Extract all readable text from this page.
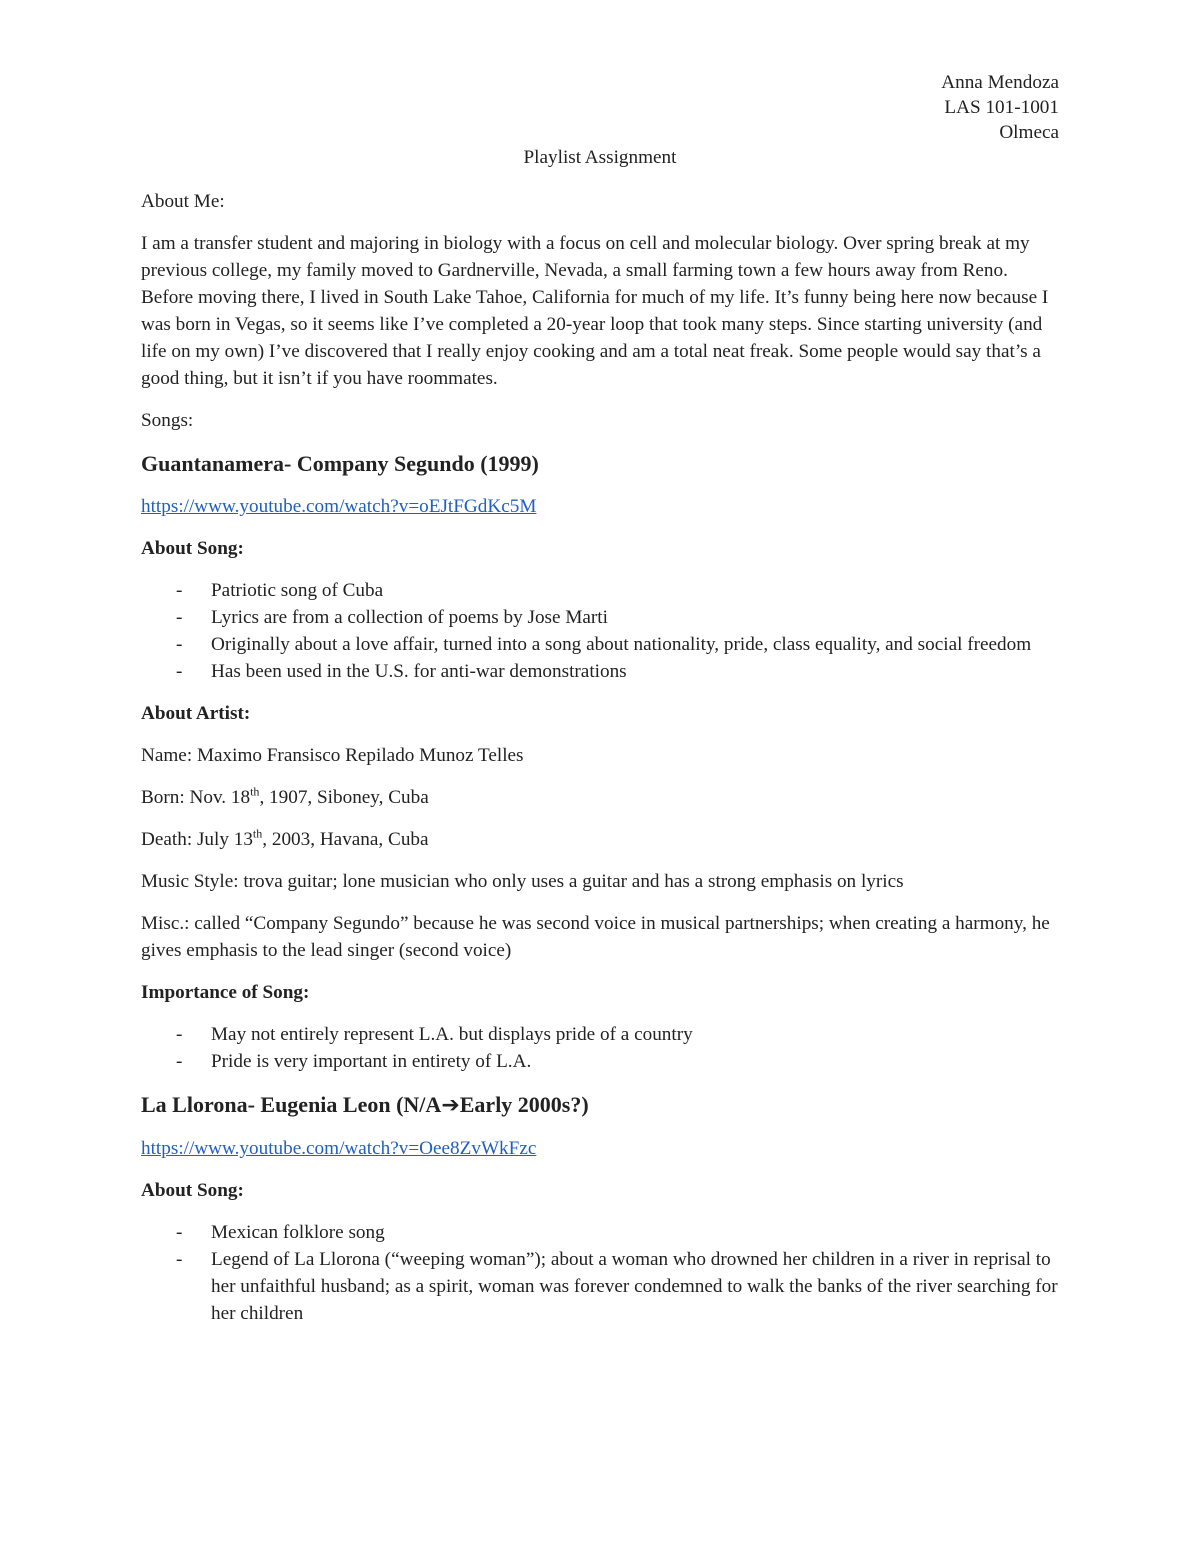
Anna Mendoza
LAS 101-1001
Olmeca
Playlist Assignment

About Me:

I am a transfer student and majoring in biology with a focus on cell and molecular biology. Over spring break at my previous college, my family moved to Gardnerville, Nevada, a small farming town a few hours away from Reno. Before moving there, I lived in South Lake Tahoe, California for much of my life. It’s funny being here now because I was born in Vegas, so it seems like I’ve completed a 20-year loop that took many steps. Since starting university (and life on my own) I’ve discovered that I really enjoy cooking and am a total neat freak. Some people would say that’s a good thing, but it isn’t if you have roommates.

Songs:

Guantanamera- Company Segundo (1999)
https://www.youtube.com/watch?v=oEJtFGdKc5M
About Song:
- Patriotic song of Cuba
- Lyrics are from a collection of poems by Jose Marti
- Originally about a love affair, turned into a song about nationality, pride, class equality, and social freedom
- Has been used in the U.S. for anti-war demonstrations
About Artist:

Name: Maximo Fransisco Repilado Munoz Telles

Born: Nov. 18th, 1907, Siboney, Cuba

Death: July 13th, 2003, Havana, Cuba

Music Style: trova guitar; lone musician who only uses a guitar and has a strong emphasis on lyrics

Misc.: called “Company Segundo” because he was second voice in musical partnerships; when creating a harmony, he gives emphasis to the lead singer (second voice)

Importance of Song:
- May not entirely represent L.A. but displays pride of a country
- Pride is very important in entirety of L.A.
La Llorona- Eugenia Leon (N/A➔Early 2000s?)
https://www.youtube.com/watch?v=Oee8ZvWkFzc
About Song:
- Mexican folklore song
- Legend of La Llorona (“weeping woman”); about a woman who drowned her children in a river in reprisal to her unfaithful husband; as a spirit, woman was forever condemned to walk the banks of the river searching for her children
